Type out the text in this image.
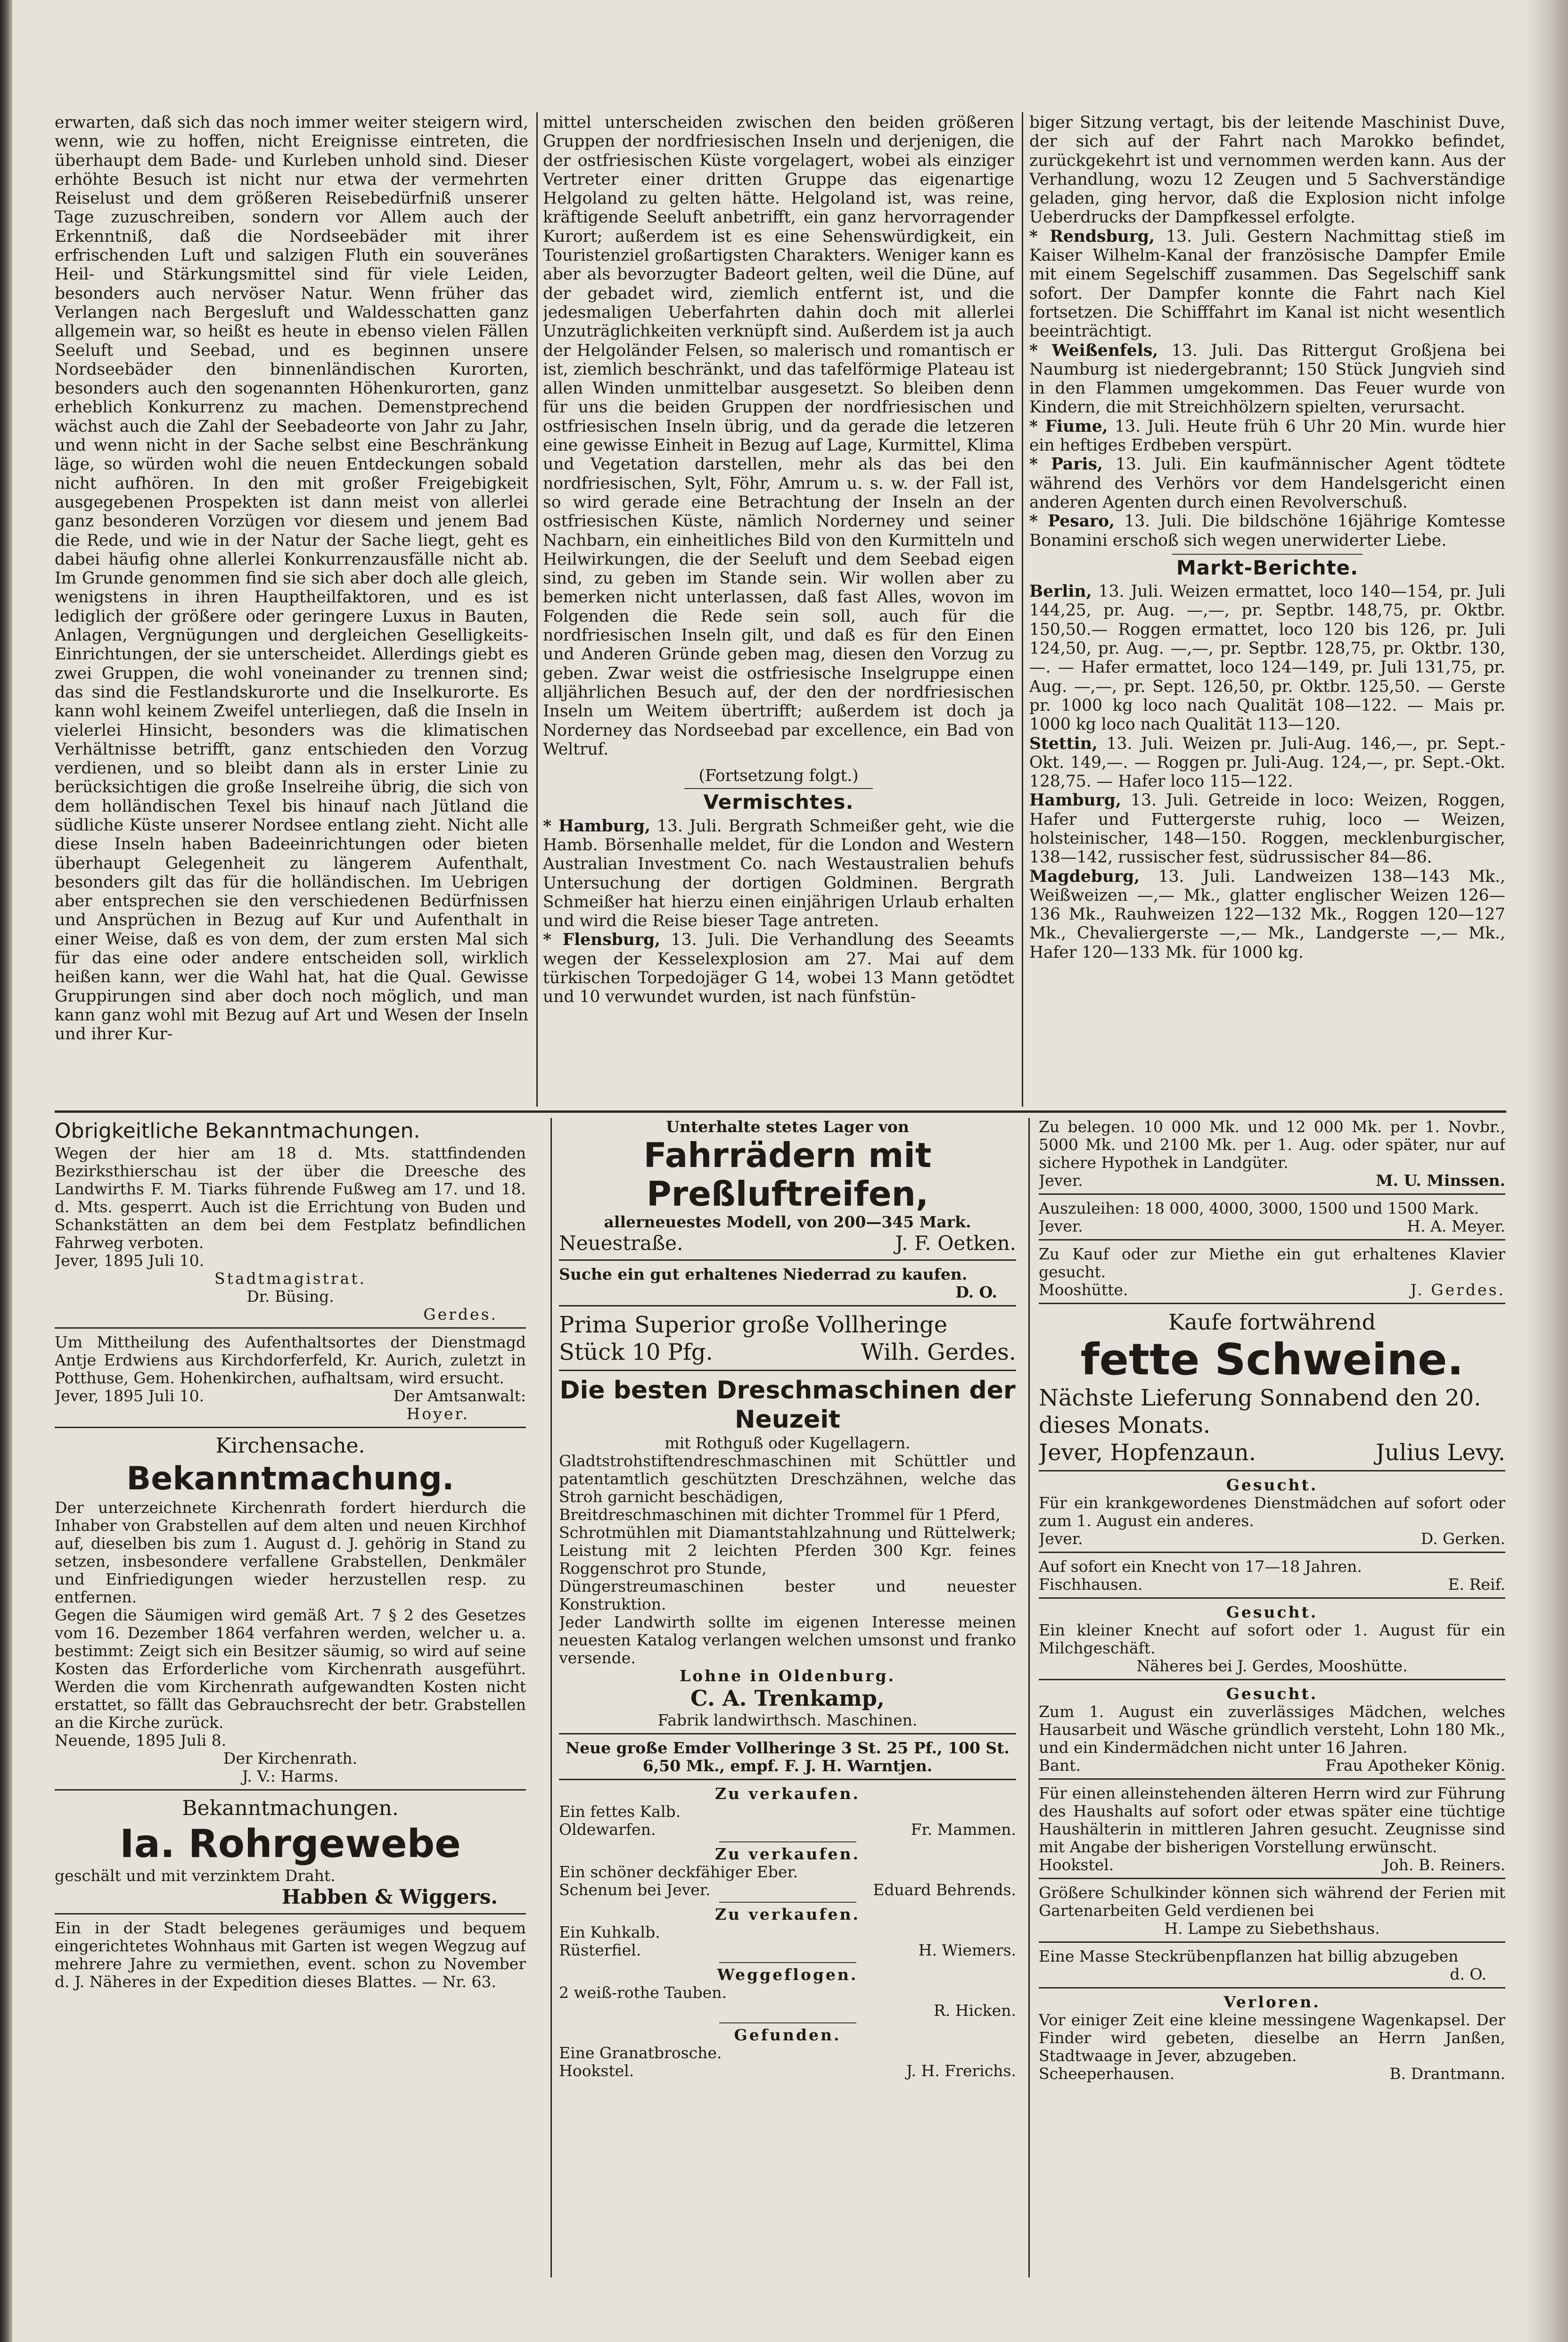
erwarten, daß sich das noch immer weiter steigern wird, wenn, wie zu hoffen, nicht Ereignisse eintreten, die überhaupt dem Bade- und Kurleben unhold sind. Dieser erhöhte Besuch ist nicht nur etwa der vermehrten Reiselust und dem größeren Reisebedürfniß unserer Tage zuzuschreiben, sondern vor Allem auch der Erkenntniß, daß die Nordseebäder mit ihrer erfrischenden Luft und salzigen Fluth ein souveränes Heil- und Stärkungsmittel sind für viele Leiden, besonders auch nervöser Natur. Wenn früher das Verlangen nach Bergesluft und Waldesschatten ganz allgemein war, so heißt es heute in ebenso vielen Fällen Seeluft und Seebad, und es beginnen unsere Nordseebäder den binnenländischen Kurorten, besonders auch den sogenannten Höhenkurorten, ganz erheblich Konkurrenz zu machen. Demenstprechend wächst auch die Zahl der Seebadeorte von Jahr zu Jahr, und wenn nicht in der Sache selbst eine Beschränkung läge, so würden wohl die neuen Entdeckungen sobald nicht aufhören. In den mit großer Freigebigkeit ausgegebenen Prospekten ist dann meist von allerlei ganz besonderen Vorzügen vor diesem und jenem Bad die Rede, und wie in der Natur der Sache liegt, geht es dabei häufig ohne allerlei Konkurrenzausfälle nicht ab. Im Grunde genommen find sie sich aber doch alle gleich, wenigstens in ihren Hauptheilfaktoren, und es ist lediglich der größere oder geringere Luxus in Bauten, Anlagen, Vergnügungen und dergleichen Geselligkeits-Einrichtungen, der sie unterscheidet. Allerdings giebt es zwei Gruppen, die wohl voneinander zu trennen sind; das sind die Festlandskurorte und die Inselkurorte. Es kann wohl keinem Zweifel unterliegen, daß die Inseln in vielerlei Hinsicht, besonders was die klimatischen Verhältnisse betrifft, ganz entschieden den Vorzug verdienen, und so bleibt dann als in erster Linie zu berücksichtigen die große Inselreihe übrig, die sich von dem holländischen Texel bis hinauf nach Jütland die südliche Küste unserer Nordsee entlang zieht. Nicht alle diese Inseln haben Badeeinrichtungen oder bieten überhaupt Gelegenheit zu längerem Aufenthalt, besonders gilt das für die holländischen. Im Uebrigen aber entsprechen sie den verschiedenen Bedürfnissen und Ansprüchen in Bezug auf Kur und Aufenthalt in einer Weise, daß es von dem, der zum ersten Mal sich für das eine oder andere entscheiden soll, wirklich heißen kann, wer die Wahl hat, hat die Qual. Gewisse Gruppirungen sind aber doch noch möglich, und man kann ganz wohl mit Bezug auf Art und Wesen der Inseln und ihrer Kur-

mittel unterscheiden zwischen den beiden größeren Gruppen der nordfriesischen Inseln und derjenigen, die der ostfriesischen Küste vorgelagert, wobei als einziger Vertreter einer dritten Gruppe das eigenartige Helgoland zu gelten hätte. Helgoland ist, was reine, kräftigende Seeluft anbetrifft, ein ganz hervorragender Kurort; außerdem ist es eine Sehenswürdigkeit, ein Touristenziel großartigsten Charakters. Weniger kann es aber als bevorzugter Badeort gelten, weil die Düne, auf der gebadet wird, ziemlich entfernt ist, und die jedesmaligen Ueberfahrten dahin doch mit allerlei Unzuträglichkeiten verknüpft sind. Außerdem ist ja auch der Helgoländer Felsen, so malerisch und romantisch er ist, ziemlich beschränkt, und das tafelförmige Plateau ist allen Winden unmittelbar ausgesetzt. So bleiben denn für uns die beiden Gruppen der nordfriesischen und ostfriesischen Inseln übrig, und da gerade die letzeren eine gewisse Einheit in Bezug auf Lage, Kurmittel, Klima und Vegetation darstellen, mehr als das bei den nordfriesischen, Sylt, Föhr, Amrum u. s. w. der Fall ist, so wird gerade eine Betrachtung der Inseln an der ostfriesischen Küste, nämlich Norderney und seiner Nachbarn, ein einheitliches Bild von den Kurmitteln und Heilwirkungen, die der Seeluft und dem Seebad eigen sind, zu geben im Stande sein. Wir wollen aber zu bemerken nicht unterlassen, daß fast Alles, wovon im Folgenden die Rede sein soll, auch für die nordfriesischen Inseln gilt, und daß es für den Einen und Anderen Gründe geben mag, diesen den Vorzug zu geben. Zwar weist die ostfriesische Inselgruppe einen alljährlichen Besuch auf, der den der nordfriesischen Inseln um Weitem übertrifft; außerdem ist doch ja Norderney das Nordseebad par excellence, ein Bad von Weltruf.

(Fortsetzung folgt.)

Vermischtes.

* Hamburg, 13. Juli. Bergrath Schmeißer geht, wie die Hamb. Börsenhalle meldet, für die London and Western Australian Investment Co. nach Westaustralien behufs Untersuchung der dortigen Goldminen. Bergrath Schmeißer hat hierzu einen einjährigen Urlaub erhalten und wird die Reise bieser Tage antreten.

* Flensburg, 13. Juli. Die Verhandlung des Seeamts wegen der Kesselexplosion am 27. Mai auf dem türkischen Torpedojäger G 14, wobei 13 Mann getödtet und 10 verwundet wurden, ist nach fünfstün-

biger Sitzung vertagt, bis der leitende Maschinist Duve, der sich auf der Fahrt nach Marokko befindet, zurückgekehrt ist und vernommen werden kann. Aus der Verhandlung, wozu 12 Zeugen und 5 Sachverständige geladen, ging hervor, daß die Explosion nicht infolge Ueberdrucks der Dampfkessel erfolgte.

* Rendsburg, 13. Juli. Gestern Nachmittag stieß im Kaiser Wilhelm-Kanal der französische Dampfer Emile mit einem Segelschiff zusammen. Das Segelschiff sank sofort. Der Dampfer konnte die Fahrt nach Kiel fortsetzen. Die Schifffahrt im Kanal ist nicht wesentlich beeinträchtigt.

* Weißenfels, 13. Juli. Das Rittergut Großjena bei Naumburg ist niedergebrannt; 150 Stück Jungvieh sind in den Flammen umgekommen. Das Feuer wurde von Kindern, die mit Streichhölzern spielten, verursacht.

* Fiume, 13. Juli. Heute früh 6 Uhr 20 Min. wurde hier ein heftiges Erdbeben verspürt.

* Paris, 13. Juli. Ein kaufmännischer Agent tödtete während des Verhörs vor dem Handelsgericht einen anderen Agenten durch einen Revolverschuß.

* Pesaro, 13. Juli. Die bildschöne 16jährige Komtesse Bonamini erschoß sich wegen unerwiderter Liebe.

Markt-Berichte.

Berlin, 13. Juli. Weizen ermattet, loco 140—154, pr. Juli 144,25, pr. Aug. —,—, pr. Septbr. 148,75, pr. Oktbr. 150,50.— Roggen ermattet, loco 120 bis 126, pr. Juli 124,50, pr. Aug. —,—, pr. Septbr. 128,75, pr. Oktbr. 130,—. — Hafer ermattet, loco 124—149, pr. Juli 131,75, pr. Aug. —,—, pr. Sept. 126,50, pr. Oktbr. 125,50. — Gerste pr. 1000 kg loco nach Qualität 108—122. — Mais pr. 1000 kg loco nach Qualität 113—120.

Stettin, 13. Juli. Weizen pr. Juli-Aug. 146,—, pr. Sept.-Okt. 149,—. — Roggen pr. Juli-Aug. 124,—, pr. Sept.-Okt. 128,75. — Hafer loco 115—122.

Hamburg, 13. Juli. Getreide in loco: Weizen, Roggen, Hafer und Futtergerste ruhig, loco — Weizen, holsteinischer, 148—150. Roggen, mecklenburgischer, 138—142, russischer fest, südrussischer 84—86.

Magdeburg, 13. Juli. Landweizen 138—143 Mk., Weißweizen —,— Mk., glatter englischer Weizen 126—136 Mk., Rauhweizen 122—132 Mk., Roggen 120—127 Mk., Chevaliergerste —,— Mk., Landgerste —,— Mk., Hafer 120—133 Mk. für 1000 kg.

Obrigkeitliche Bekanntmachungen.

Wegen der hier am 18 d. Mts. stattfindenden Bezirksthierschau ist der über die Dreesche des Landwirths F. M. Tiarks führende Fußweg am 17. und 18. d. Mts. gesperrt. Auch ist die Errichtung von Buden und Schankstätten an dem bei dem Festplatz befindlichen Fahrweg verboten.

Jever, 1895 Juli 10.

Stadtmagistrat.

Dr. Büsing.

Gerdes.

Um Mittheilung des Aufenthaltsortes der Dienstmagd Antje Erdwiens aus Kirchdorferfeld, Kr. Aurich, zuletzt in Potthuse, Gem. Hohenkirchen, aufhaltsam, wird ersucht.

Jever, 1895 Juli 10.	Der Amtsanwalt:

Hoyer.

Kirchensache.
Bekanntmachung.

Der unterzeichnete Kirchenrath fordert hierdurch die Inhaber von Grabstellen auf dem alten und neuen Kirchhof auf, dieselben bis zum 1. August d. J. gehörig in Stand zu setzen, insbesondere verfallene Grabstellen, Denkmäler und Einfriedigungen wieder herzustellen resp. zu entfernen.

Gegen die Säumigen wird gemäß Art. 7 § 2 des Gesetzes vom 16. Dezember 1864 verfahren werden, welcher u. a. bestimmt: Zeigt sich ein Besitzer säumig, so wird auf seine Kosten das Erforderliche vom Kirchenrath ausgeführt. Werden die vom Kirchenrath aufgewandten Kosten nicht erstattet, so fällt das Gebrauchsrecht der betr. Grabstellen an die Kirche zurück.

Neuende, 1895 Juli 8.

Der Kirchenrath.

J. V.: Harms.

Bekanntmachungen.
Ia. Rohrgewebe

geschält und mit verzinktem Draht.

Habben & Wiggers.

Ein in der Stadt belegenes geräumiges und bequem eingerichtetes Wohnhaus mit Garten ist wegen Wegzug auf mehrere Jahre zu vermiethen, event. schon zu November d. J. Näheres in der Expedition dieses Blattes. — Nr. 63.

Unterhalte stetes Lager von

Fahrrädern mit Preßluftreifen,

allerneuestes Modell, von 200—345 Mark.

Neuestraße.	J. F. Oetken.

Suche ein gut erhaltenes Niederrad zu kaufen.

D. O.

Prima Superior große Vollheringe

Stück 10 Pfg.	Wilh. Gerdes.
Die besten Dreschmaschinen der Neuzeit

mit Rothguß oder Kugellagern.

Gladtstrohstiftendreschmaschinen mit Schüttler und patentamtlich geschützten Dreschzähnen, welche das Stroh garnicht beschädigen,

Breitdreschmaschinen mit dichter Trommel für 1 Pferd,

Schrotmühlen mit Diamantstahlzahnung und Rüttelwerk; Leistung mit 2 leichten Pferden 300 Kgr. feines Roggenschrot pro Stunde,

Düngerstreumaschinen bester und neuester Konstruktion.

Jeder Landwirth sollte im eigenen Interesse meinen neuesten Katalog verlangen welchen umsonst und franko versende.

Lohne in Oldenburg.

C. A. Trenkamp,

Fabrik landwirthsch. Maschinen.

Neue große Emder Vollheringe 3 St. 25 Pf., 100 St. 6,50 Mk., empf. F. J. H. Warntjen.

Zu verkaufen.

Ein fettes Kalb.

Oldewarfen.	Fr. Mammen.

Zu verkaufen.

Ein schöner deckfähiger Eber.

Schenum bei Jever.	Eduard Behrends.

Zu verkaufen.

Ein Kuhkalb.

Rüsterfiel.	H. Wiemers.

Weggeflogen.

2 weiß-rothe Tauben.

R. Hicken.

Gefunden.

Eine Granatbrosche.

Hookstel.	J. H. Frerichs.

Zu belegen. 10 000 Mk. und 12 000 Mk. per 1. Novbr., 5000 Mk. und 2100 Mk. per 1. Aug. oder später, nur auf sichere Hypothek in Landgüter.

Jever.	M. U. Minssen.

Auszuleihen: 18 000, 4000, 3000, 1500 und 1500 Mark.

Jever.	H. A. Meyer.

Zu Kauf oder zur Miethe ein gut erhaltenes Klavier gesucht.

Mooshütte.	J. Gerdes.

Kaufe fortwährend

fette Schweine.

Nächste Lieferung Sonnabend den 20. dieses Monats.

Jever, Hopfenzaun.	Julius Levy.

Gesucht.

Für ein krankgewordenes Dienstmädchen auf sofort oder zum 1. August ein anderes.

Jever.	D. Gerken.

Auf sofort ein Knecht von 17—18 Jahren.

Fischhausen.	E. Reif.

Gesucht.

Ein kleiner Knecht auf sofort oder 1. August für ein Milchgeschäft.

Näheres bei J. Gerdes, Mooshütte.

Gesucht.

Zum 1. August ein zuverlässiges Mädchen, welches Hausarbeit und Wäsche gründlich versteht, Lohn 180 Mk., und ein Kindermädchen nicht unter 16 Jahren.

Bant.	Frau Apotheker König.

Für einen alleinstehenden älteren Herrn wird zur Führung des Haushalts auf sofort oder etwas später eine tüchtige Haushälterin in mittleren Jahren gesucht. Zeugnisse sind mit Angabe der bisherigen Vorstellung erwünscht.

Hookstel.	Joh. B. Reiners.

Größere Schulkinder können sich während der Ferien mit Gartenarbeiten Geld verdienen bei

H. Lampe zu Siebethshaus.

Eine Masse Steckrübenpflanzen hat billig abzugeben

d. O.

Verloren.

Vor einiger Zeit eine kleine messingene Wagenkapsel. Der Finder wird gebeten, dieselbe an Herrn Janßen, Stadtwaage in Jever, abzugeben.

Scheeperhausen.	B. Drantmann.
